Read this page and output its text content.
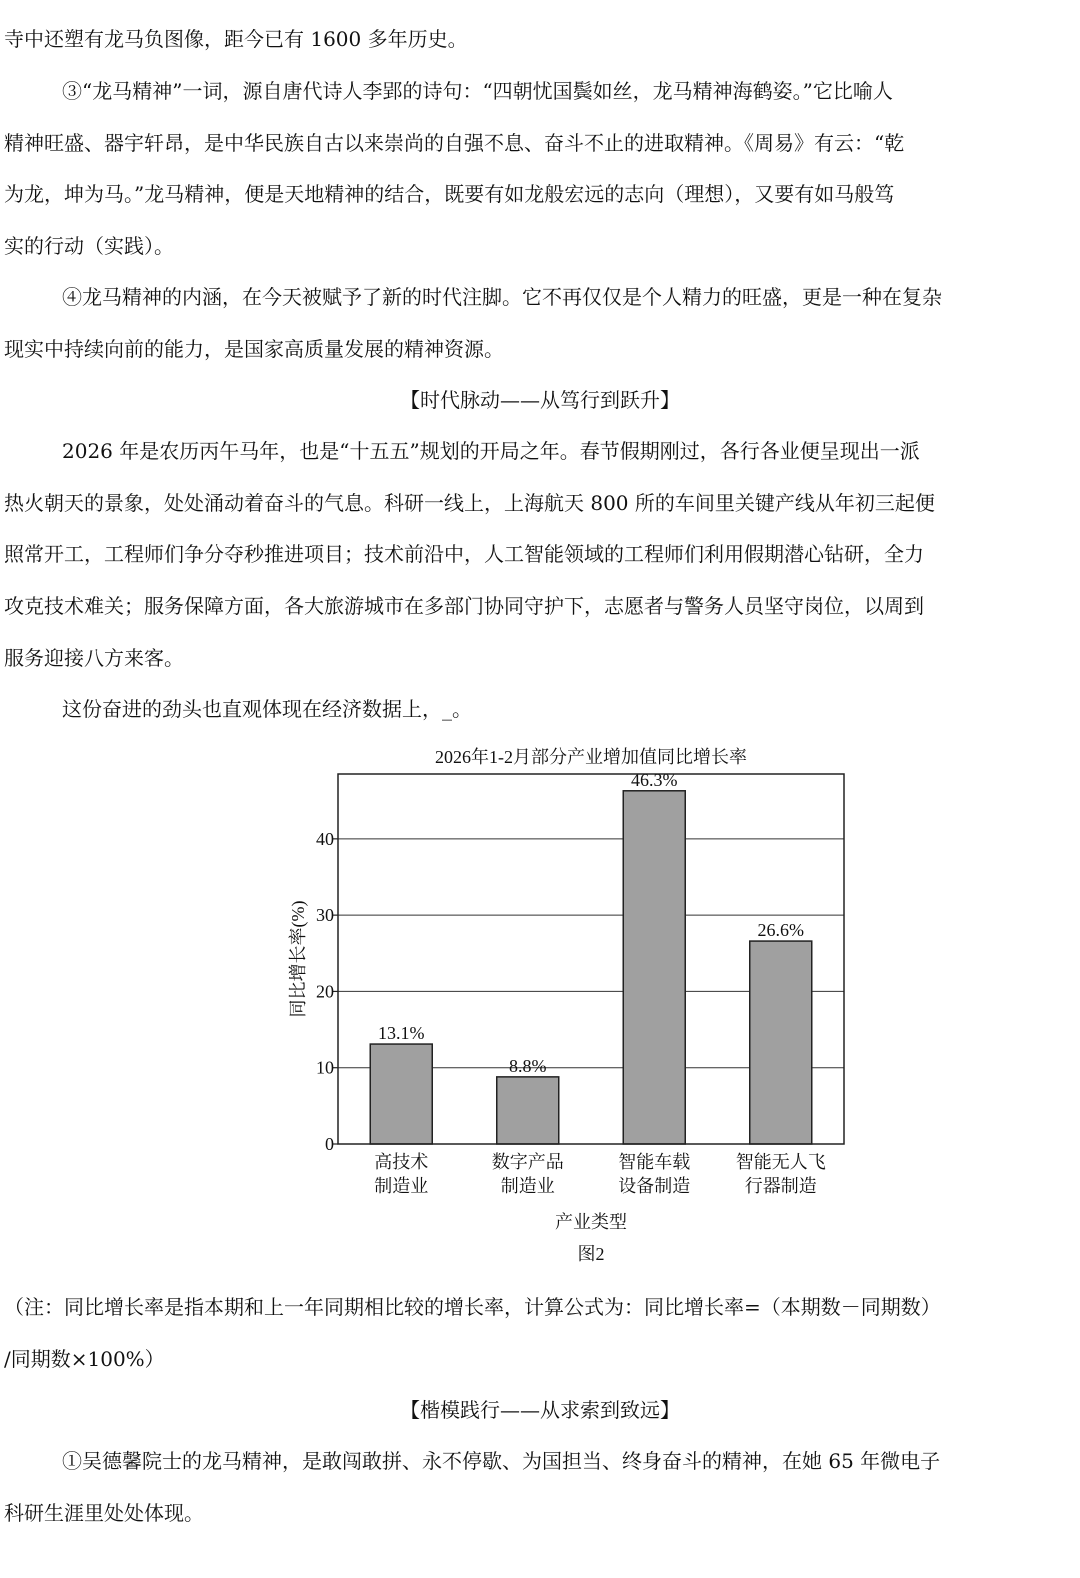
寺中还塑有龙马负图像，距今已有 1600 多年历史。
③“龙马精神”一词，源自唐代诗人李郢的诗句：“四朝忧国鬓如丝，龙马精神海鹤姿。”它比喻人
精神旺盛、器宇轩昂，是中华民族自古以来崇尚的自强不息、奋斗不止的进取精神。《周易》有云：“乾
为龙，坤为马。”龙马精神，便是天地精神的结合，既要有如龙般宏远的志向（理想），又要有如马般笃
实的行动（实践）。
④龙马精神的内涵，在今天被赋予了新的时代注脚。它不再仅仅是个人精力的旺盛，更是一种在复杂
现实中持续向前的能力，是国家高质量发展的精神资源。
【时代脉动——从笃行到跃升】
2026 年是农历丙午马年，也是“十五五”规划的开局之年。春节假期刚过，各行各业便呈现出一派
热火朝天的景象，处处涌动着奋斗的气息。科研一线上，上海航天 800 所的车间里关键产线从年初三起便
照常开工，工程师们争分夺秒推进项目；技术前沿中，人工智能领域的工程师们利用假期潜心钻研，全力
攻克技术难关；服务保障方面，各大旅游城市在多部门协同守护下，志愿者与警务人员坚守岗位，以周到
服务迎接八方来客。
这份奋进的劲头也直观体现在经济数据上，_。
2026年1-2月部分产业增加值同比增长率
13.1%
8.8%
46.3%
26.6%
0
10
20
30
40
高技术
制造业
数字产品
制造业
智能车载
设备制造
智能无人飞
行器制造
同比增长率(%)
产业类型
图2
（注：同比增长率是指本期和上一年同期相比较的增长率，计算公式为：同比增长率=（本期数－同期数）
/同期数×100%）
【楷模践行——从求索到致远】
①吴德馨院士的龙马精神，是敢闯敢拼、永不停歇、为国担当、终身奋斗的精神，在她 65 年微电子
科研生涯里处处体现。
